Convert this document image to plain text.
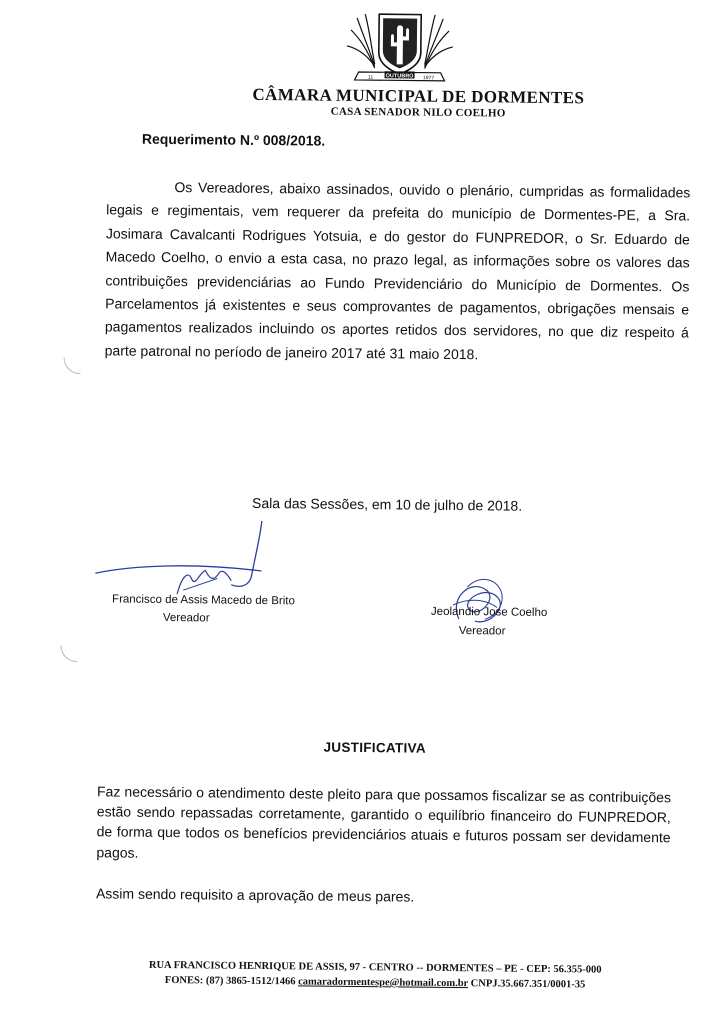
OUTUBRO
11	1977
CÂMARA MUNICIPAL DE DORMENTES
CASA SENADOR NILO COELHO
Requerimento N.º 008/2018.

Os Vereadores, abaixo assinados, ouvido o plenário, cumpridas as formalidades legais e regimentais, vem requerer da prefeita do município de Dormentes-PE, a Sra. Josimara Cavalcanti Rodrigues Yotsuia, e do gestor do FUNPREDOR, o Sr. Eduardo de Macedo Coelho, o envio a esta casa, no prazo legal, as informações sobre os valores das contribuições previdenciárias ao Fundo Previdenciário do Município de Dormentes. Os Parcelamentos já existentes e seus comprovantes de pagamentos, obrigações mensais e pagamentos realizados incluindo os aportes retidos dos servidores, no que diz respeito á parte patronal no período de janeiro 2017 até 31 maio 2018.

Sala das Sessões, em 10 de julho de 2018.
Francisco de Assis Macedo de Brito
Vereador	Jeolandio Jose Coelho
Vereador
JUSTIFICATIVA

Faz necessário o atendimento deste pleito para que possamos fiscalizar se as contribuições estão sendo repassadas corretamente, garantido o equilíbrio financeiro do FUNPREDOR, de forma que todos os benefícios previdenciários atuais e futuros possam ser devidamente pagos.

Assim sendo requisito a aprovação de meus pares.
RUA FRANCISCO HENRIQUE DE ASSIS, 97 - CENTRO -- DORMENTES – PE - CEP: 56.355-000
FONES: (87) 3865-1512/1466 camaradormentespe@hotmail.com.br CNPJ.35.667.351/0001-35
